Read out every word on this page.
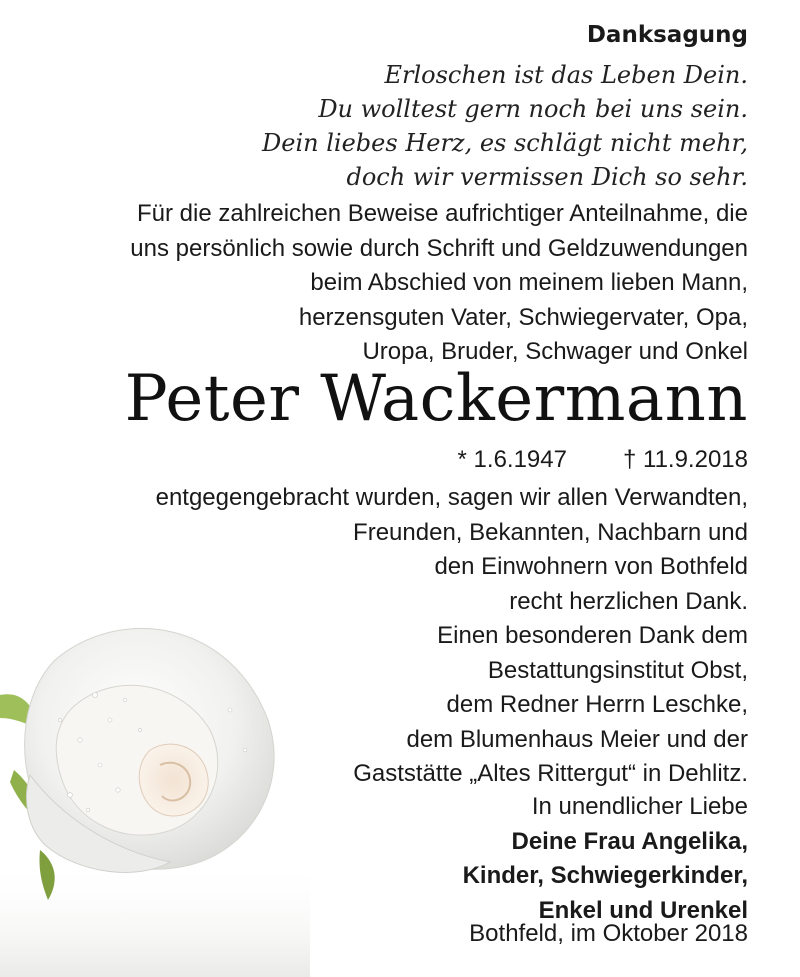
Danksagung
Erloschen ist das Leben Dein.
Du wolltest gern noch bei uns sein.
Dein liebes Herz, es schlägt nicht mehr,
doch wir vermissen Dich so sehr.
Für die zahlreichen Beweise aufrichtiger Anteilnahme, die
uns persönlich sowie durch Schrift und Geldzuwendungen
beim Abschied von meinem lieben Mann,
herzensguten Vater, Schwiegervater, Opa,
Uropa, Bruder, Schwager und Onkel
Peter Wackermann
* 1.6.1947 † 11.9.2018
entgegengebracht wurden, sagen wir allen Verwandten,
Freunden, Bekannten, Nachbarn und
den Einwohnern von Bothfeld
recht herzlichen Dank.
Einen besonderen Dank dem
Bestattungsinstitut Obst,
dem Redner Herrn Leschke,
dem Blumenhaus Meier und der
Gaststätte „Altes Rittergut“ in Dehlitz.
In unendlicher Liebe
Deine Frau Angelika,
Kinder, Schwiegerkinder,
Enkel und Urenkel
Bothfeld, im Oktober 2018
